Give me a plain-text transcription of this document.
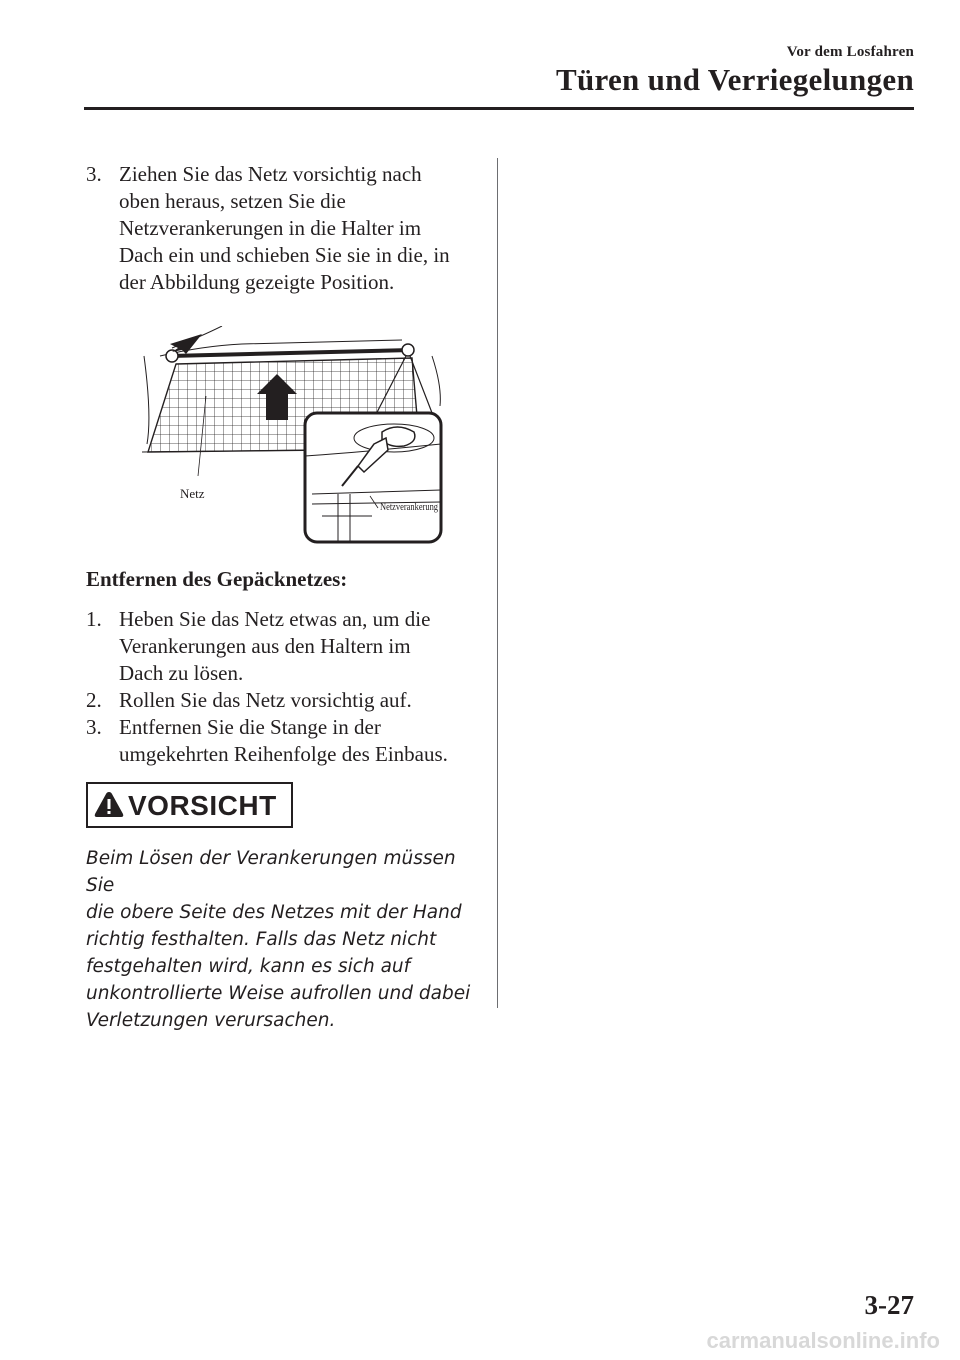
Vor dem Losfahren
Türen und Verriegelungen
3. Ziehen Sie das Netz vorsichtig nach
oben heraus, setzen Sie die
Netzverankerungen in die Halter im
Dach ein und schieben Sie sie in die, in
der Abbildung gezeigte Position.
Netz
Netzverankerung
Entfernen des Gepäcknetzes:
1. Heben Sie das Netz etwas an, um die
Verankerungen aus den Haltern im
Dach zu lösen.
2. Rollen Sie das Netz vorsichtig auf.
3. Entfernen Sie die Stange in der
umgekehrten Reihenfolge des Einbaus.
VORSICHT
Beim Lösen der Verankerungen müssen Sie
die obere Seite des Netzes mit der Hand
richtig festhalten. Falls das Netz nicht
festgehalten wird, kann es sich auf
unkontrollierte Weise aufrollen und dabei
Verletzungen verursachen.
3-27
carmanualsonline.info
